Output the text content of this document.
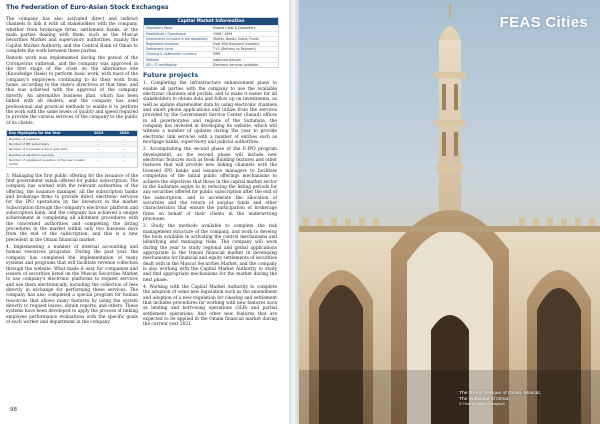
The Federation of Euro-Asian Stock Exchanges

The company has also activated direct and indirect channels to link it with all stakeholders with the company, whether from brokerage firms, settlement banks, or the main parties dealing with them, such as the Muscat Securities Market and supervisory authorities, mainly the Capital Market Authority and the Central Bank of Oman to complete the work between these parties.

Remote work was implemented during the period of the Coronavirus outbreak, and the company was approved in the first stage of the crisis on the alternative site (Knowledge Oasis) to perform basic work, with most of the company's employees continuing to do their work from home, according to the state's directives at that time, and this was achieved with the approval of the company directly. An alternative business plan, which has been linked with all dealers, and the company has used professional and practical methods to enable it to perform the work with the same levels of quality and speed required to provide the various services of the company to the public of its clients.

Key Highlights for the Year	2019	2020
Number of investors	…	…
Number of IPO subscribers	…	…
Number of corporate actions executed	…	…
Number of electronic services	…	…
Number of registered investors in the new investor portal
…	…

3. Managing the first public offering for the issuance of the first government sukuk offered for public subscription. The company has worked with the relevant authorities of the offering, the issuance manager, all the subscription banks and brokerage firms to provide direct electronic services for the IPO operations by the investors in the market Subscription through the company's electronic platform and subscription bank, and the company has achieved a unique achievement in completing all allotment procedures with the concerned authorities and completing the listing procedures in the market within only two business days from the end of the subscription, and this is a new precedent in the Omani financial market.

4. Implementing a number of internal accounting and human resources programs. During the past year, the company has completed the implementation of many systems and programs that will facilitate revenue collection through the website. What made it easy for companies and issuers of securities listed on the Muscat Securities Market to use company's electronic platforms to request services and use them electronically, including the collection of fees directly in exchange for performing these services. The company has also completed a special program for human resources that allows many features by using the system directly to request leaves, obtain reports, and others. These systems have been developed to apply the process of linking employee performance evaluations with the specific goals of each worker and department in the company.

Capital Market Information
Depository Body	Muscat Clear & Depository
Established / Operational	1998 / 1999
Instruments included in the depository	Shares, Bonds, Sukuk, Funds
Registered Investors	Over 600 thousand investors
Settlement cycle	T+2 (Delivery vs Payment)
Clearing & Settlement Currency	OMR
Website	www.mcd.gov.om
ISO / IT certification	Electronic services available
Future projects

1. Completing the infrastructure enhancement plans to enable all parties with the company to use the available electronic channels and portals, and to make it easier for all stakeholders to obtain data and follow up on investments, as well as update shareholder data by using electronic channels and smart phone applications and utilize from the services provided by the Government Service Center (Sanad) offices in all governorates and regions of the Sultanate, the company has invested in developing its website, which will witness a number of updates during the year to provide electronic link services with a number of entities such as mortgage banks, supervisory and judicial authorities.

2. Accomplishing the second phase of the E-IPO program development, as the second phase will include new electronic features such as Book Building features and other features that will provide new linking channels with the licensed IPO banks and issuance managers to facilitate completion of the initial public offerings mechanisms to achieve the objectives that those in the capital market sector in the Sultanate aspire to in reducing the listing periods for any securities offered for public subscription after the end of the subscription, and to accelerate the allocation of securities and the return of surplus funds and other characteristics that ensure the participation of brokerage firms on behalf of their clients in the underwriting processes.

3. Study the methods available to complete the risk management structure of the company, and work to develop the tools available in activating the control mechanisms and identifying and managing risks. The company will work during the year to study regional and global applications appropriate to the Omani financial market in developing mechanisms for financial and equity settlements of securities dealt with in the Muscat Securities Market, and the company is also working with the Capital Market Authority to study and find appropriate mechanisms for the market during the next phase.

4. Working with the Capital Market Authority to complete the adoption of some new legislation such as the amendment and adoption of a new regulation for clearing and settlement that includes procedures for working with new features such as lending and borrowing operations (SLB) and partial settlement operations. And other new features that are expected to be applied in the Omani financial market during the current year 2021.

98
FEAS Cities
The Grand Mosque of Oman, Muscat,
The Sultanate of Oman
© Photo by Majid on Unsplash
